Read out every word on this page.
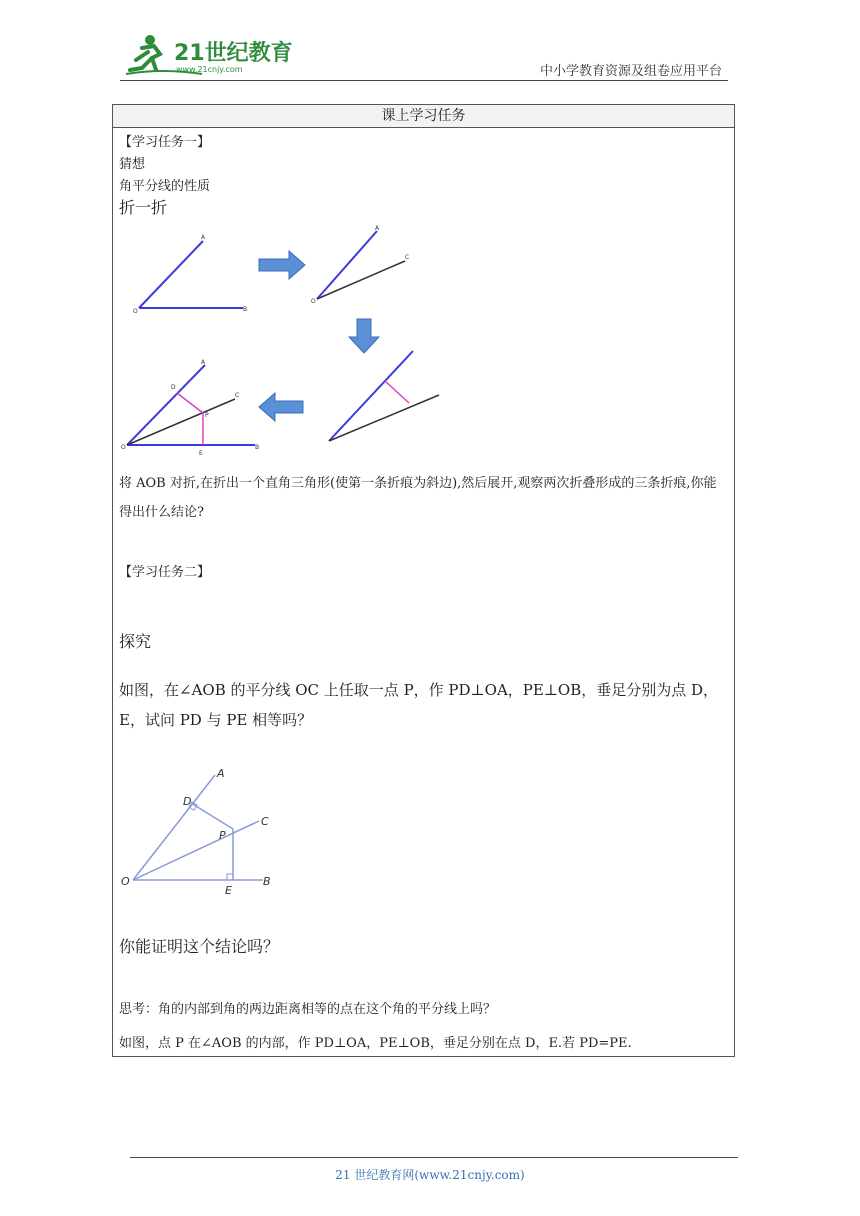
21世纪教育
www.21cnjy.com	中小学教育资源及组卷应用平台
课上学习任务
【学习任务一】
猜想
角平分线的性质
折一折
O
A
B
O
A
C
O
A
B
C
D
P
E
将 AOB 对折,在折出一个直角三角形(使第一条折痕为斜边),然后展开,观察两次折叠形成的三条折痕,你能得出什么结论?
【学习任务二】
探究
如图，在∠AOB 的平分线 OC 上任取一点 P，作 PD⊥OA，PE⊥OB，垂足分别为点 D，E，试问 PD 与 PE 相等吗？
O
A
D
C
P
E
B
你能证明这个结论吗？
思考：角的内部到角的两边距离相等的点在这个角的平分线上吗？
如图，点 P 在∠AOB 的内部，作 PD⊥OA，PE⊥OB，垂足分别在点 D，E.若 PD=PE.
21 世纪教育网(www.21cnjy.com)
